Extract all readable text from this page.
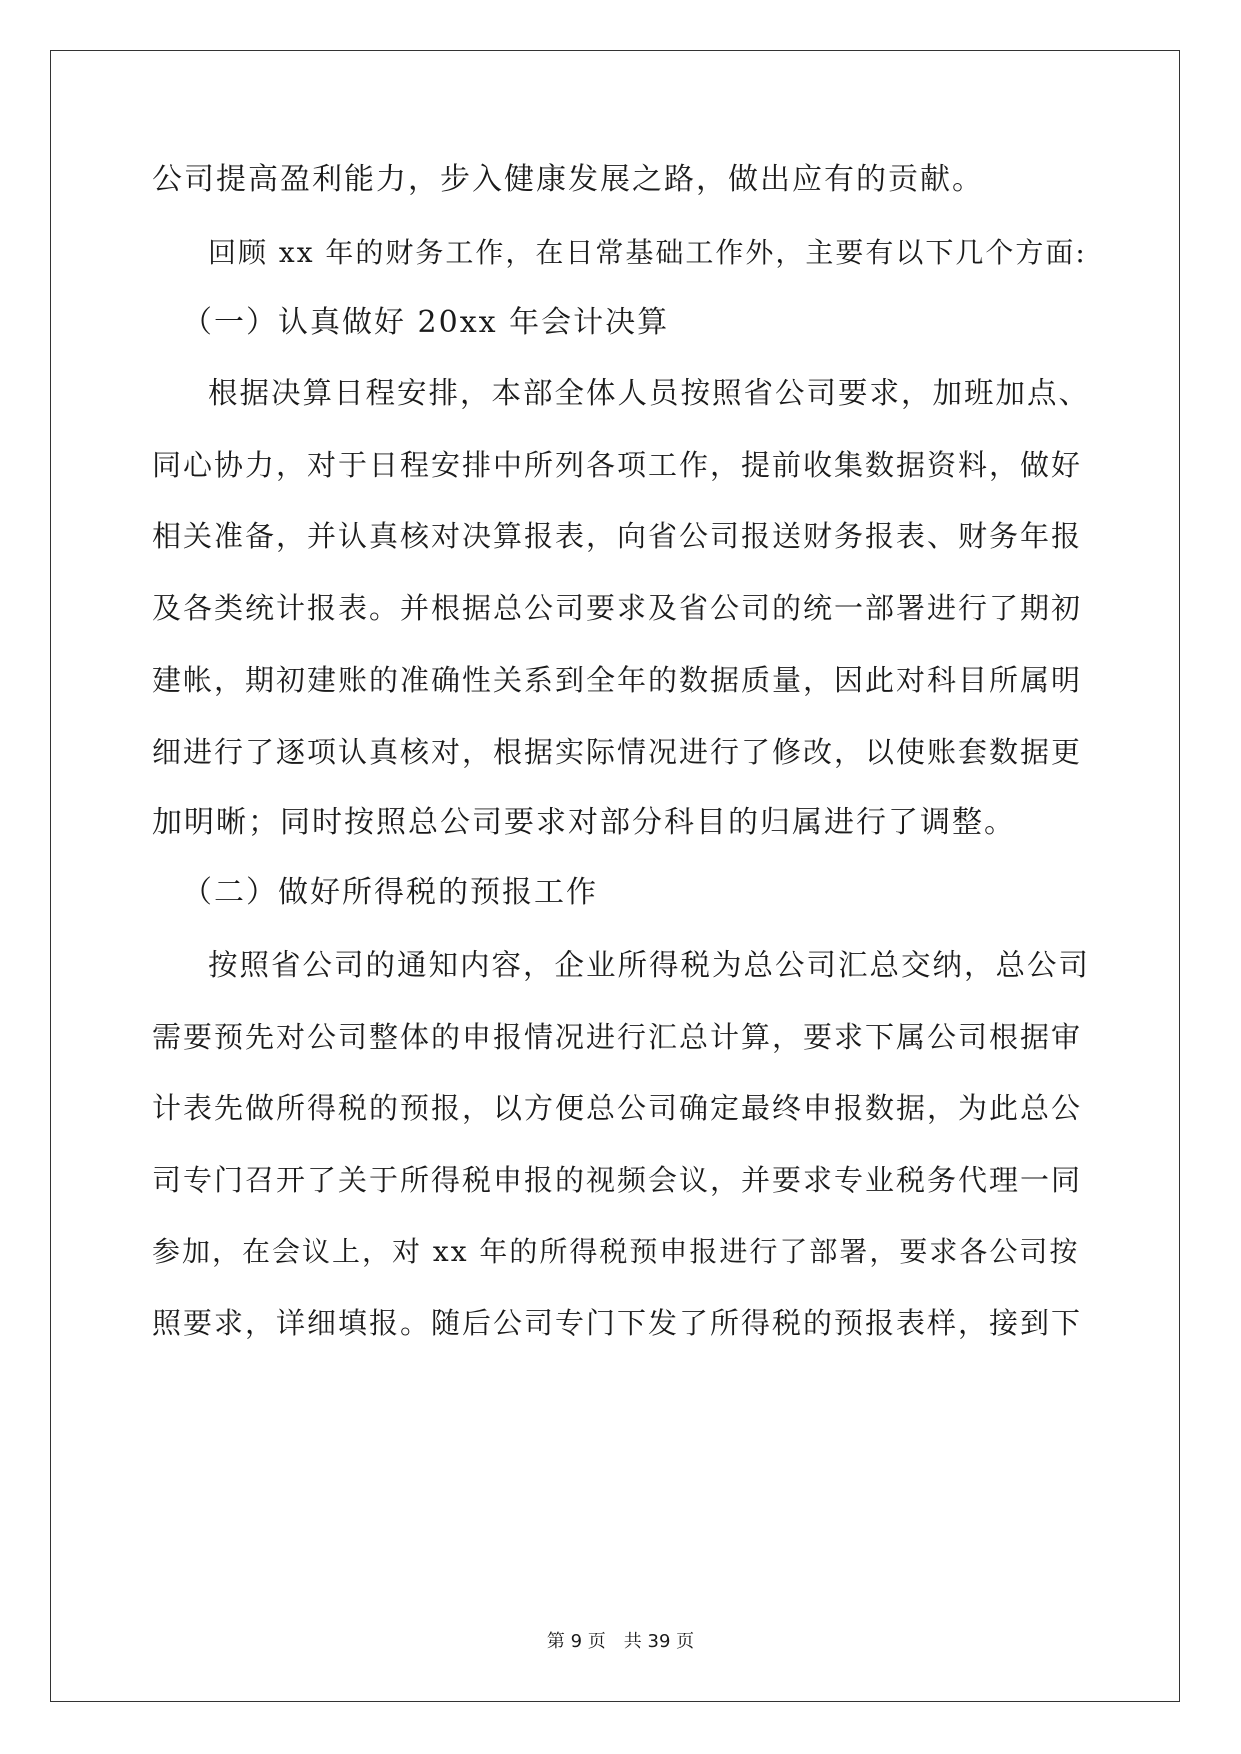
公司提高盈利能力，步入健康发展之路，做出应有的贡献。
回顾 xx 年的财务工作，在日常基础工作外，主要有以下几个方面:
（一）认真做好 20xx 年会计决算
根据决算日程安排，本部全体人员按照省公司要求，加班加点、
同心协力，对于日程安排中所列各项工作，提前收集数据资料，做好
相关准备，并认真核对决算报表，向省公司报送财务报表、财务年报
及各类统计报表。并根据总公司要求及省公司的统一部署进行了期初
建帐，期初建账的准确性关系到全年的数据质量，因此对科目所属明
细进行了逐项认真核对，根据实际情况进行了修改，以使账套数据更
加明晰；同时按照总公司要求对部分科目的归属进行了调整。
（二）做好所得税的预报工作
按照省公司的通知内容，企业所得税为总公司汇总交纳，总公司
需要预先对公司整体的申报情况进行汇总计算，要求下属公司根据审
计表先做所得税的预报，以方便总公司确定最终申报数据，为此总公
司专门召开了关于所得税申报的视频会议，并要求专业税务代理一同
参加，在会议上，对 xx 年的所得税预申报进行了部署，要求各公司按
照要求，详细填报。随后公司专门下发了所得税的预报表样，接到下
第 9 页　共 39 页
